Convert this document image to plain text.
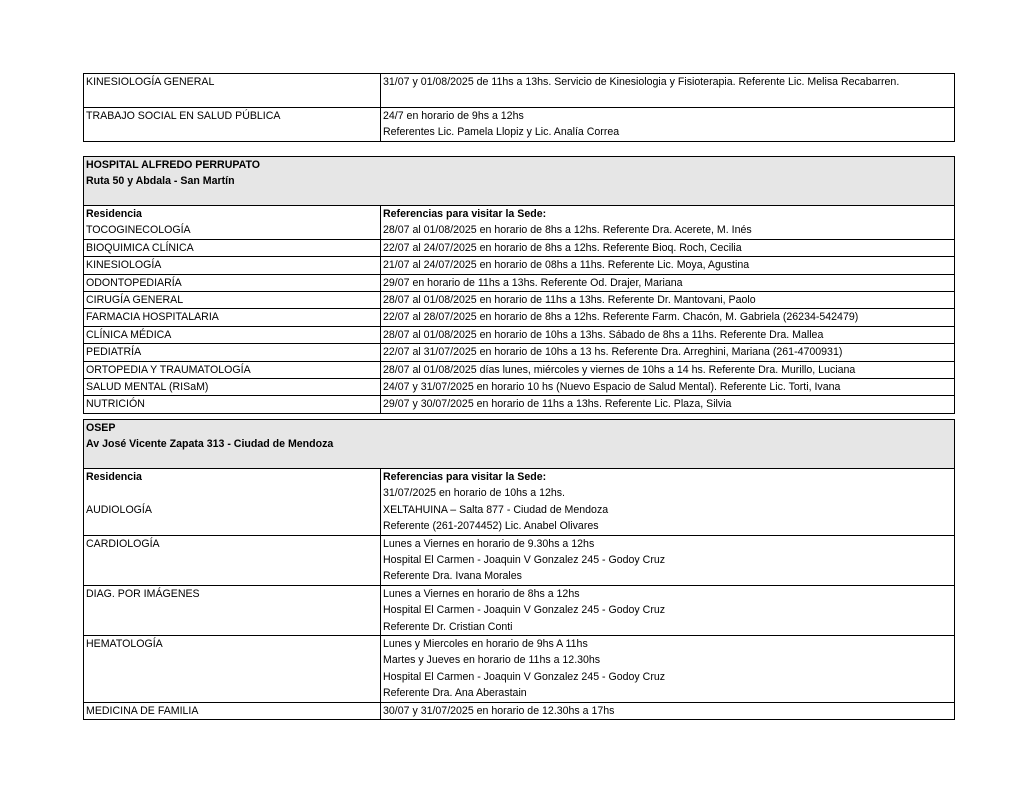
KINESIOLOGÍA GENERAL	31/07 y 01/08/2025 de 11hs a 13hs. Servicio de Kinesiologia y Fisioterapia. Referente Lic. Melisa Recabarren.
TRABAJO SOCIAL EN SALUD PÚBLICA	24/7 en horario de 9hs a 12hs
Referentes Lic. Pamela Llopiz y Lic. Analía Correa
HOSPITAL ALFREDO PERRUPATO
Ruta 50 y Abdala - San Martín
Residencia	Referencias para visitar la Sede:
TOCOGINECOLOGÍA	28/07 al 01/08/2025 en horario de 8hs a 12hs. Referente Dra. Acerete, M. Inés
BIOQUIMICA CLÍNICA	22/07 al 24/07/2025 en horario de 8hs a 12hs. Referente Bioq. Roch, Cecilia
KINESIOLOGÍA	21/07 al 24/07/2025 en horario de 08hs a 11hs. Referente Lic. Moya, Agustina
ODONTOPEDIARÍA	29/07 en horario de 11hs a 13hs. Referente Od. Drajer, Mariana
CIRUGÍA GENERAL	28/07 al 01/08/2025 en horario de 11hs a 13hs. Referente Dr. Mantovani, Paolo
FARMACIA HOSPITALARIA	22/07 al 28/07/2025 en horario de 8hs a 12hs. Referente Farm. Chacón, M. Gabriela (26234-542479)
CLÍNICA MÉDICA	28/07 al 01/08/2025 en horario de 10hs a 13hs. Sábado de 8hs a 11hs. Referente Dra. Mallea
PEDIATRÍA	22/07 al 31/07/2025 en horario de 10hs a 13 hs. Referente Dra. Arreghini, Mariana (261-4700931)
ORTOPEDIA Y TRAUMATOLOGÍA	28/07 al 01/08/2025 días lunes, miércoles y viernes de 10hs a 14 hs. Referente Dra. Murillo, Luciana
SALUD MENTAL (RISaM)	24/07 y 31/07/2025 en horario 10 hs (Nuevo Espacio de Salud Mental). Referente Lic. Torti, Ivana
NUTRICIÓN	29/07 y 30/07/2025 en horario de 11hs a 13hs. Referente Lic. Plaza, Silvia
OSEP
Av José Vicente Zapata 313 - Ciudad de Mendoza
Residencia	Referencias para visitar la Sede:
AUDIOLOGÍA
31/07/2025 en horario de 10hs a 12hs.
XELTAHUINA – Salta 877 - Ciudad de Mendoza
Referente (261-2074452) Lic. Anabel Olivares
CARDIOLOGÍA	Lunes a Viernes en horario de 9.30hs a 12hs
Hospital El Carmen - Joaquin V Gonzalez 245 - Godoy Cruz
Referente Dra. Ivana Morales
DIAG. POR IMÁGENES	Lunes a Viernes en horario de 8hs a 12hs
Hospital El Carmen - Joaquin V Gonzalez 245 - Godoy Cruz
Referente Dr. Cristian Conti
HEMATOLOGÍA	Lunes y Miercoles en horario de 9hs A 11hs
Martes y Jueves en horario de 11hs a 12.30hs
Hospital El Carmen - Joaquin V Gonzalez 245 - Godoy Cruz
Referente Dra. Ana Aberastain
MEDICINA DE FAMILIA	30/07 y 31/07/2025 en horario de 12.30hs a 17hs
